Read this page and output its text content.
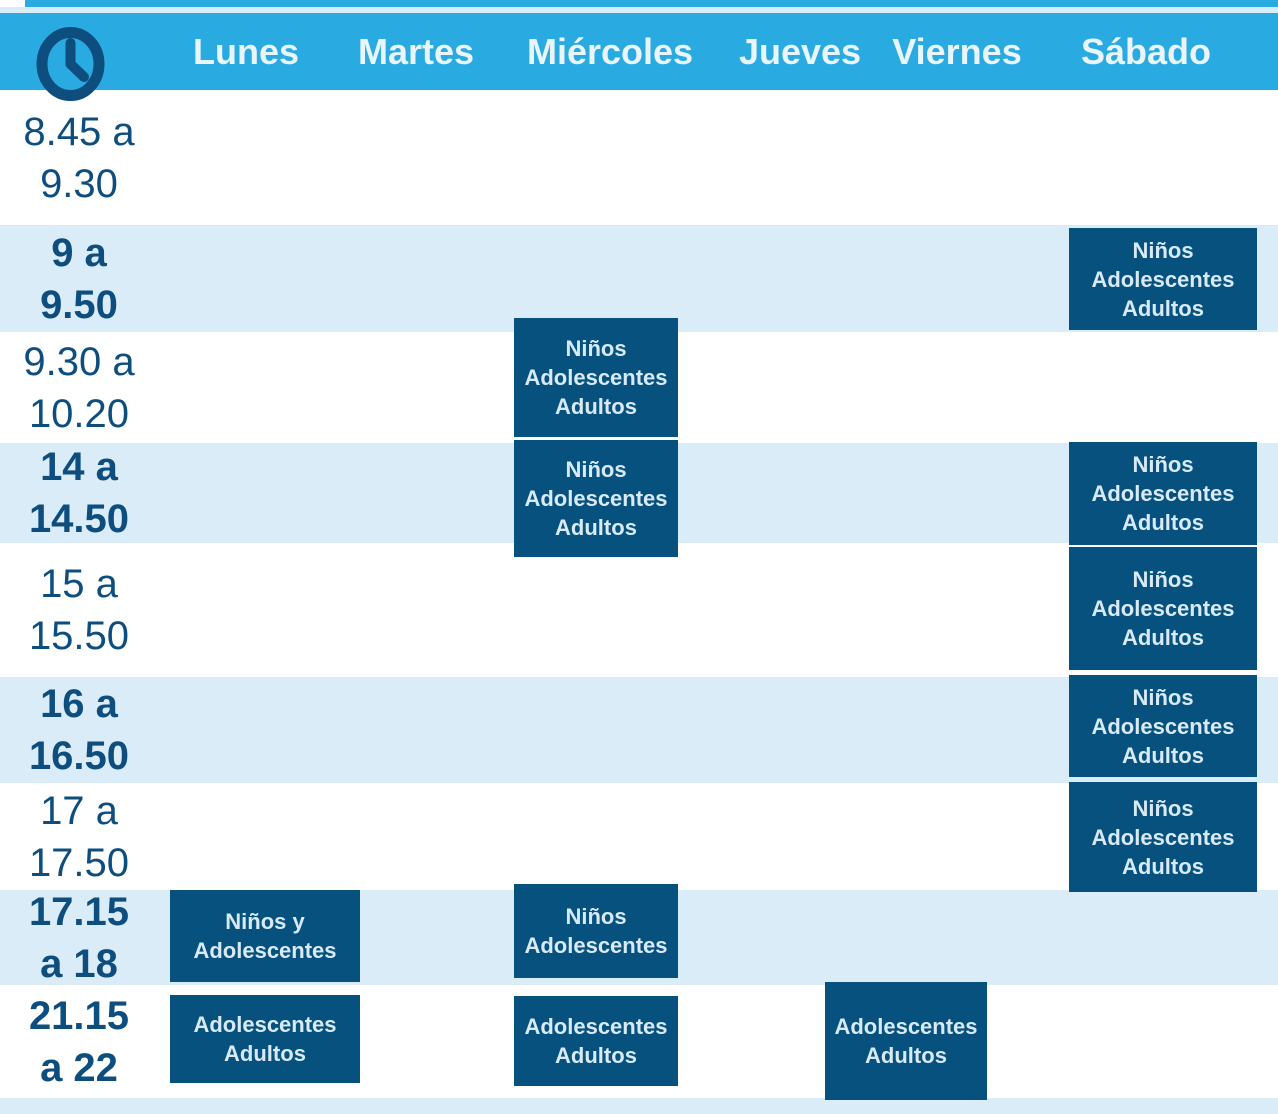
Lunes Martes Miércoles Jueves Viernes Sábado
8.45 a
9.30
9 a
9.50
9.30 a
10.20
14 a
14.50
15 a
15.50
16 a
16.50
17 a
17.50
17.15
a 18
21.15
a 22
Niños
Adolescentes
Adultos
Niños
Adolescentes
Adultos
Niños
Adolescentes
Adultos
Niños
Adolescentes
Adultos
Niños
Adolescentes
Adultos
Niños
Adolescentes
Adultos
Niños
Adolescentes
Adultos
Niños y
Adolescentes
Niños
Adolescentes
Adolescentes
Adultos
Adolescentes
Adultos
Adolescentes
Adultos
